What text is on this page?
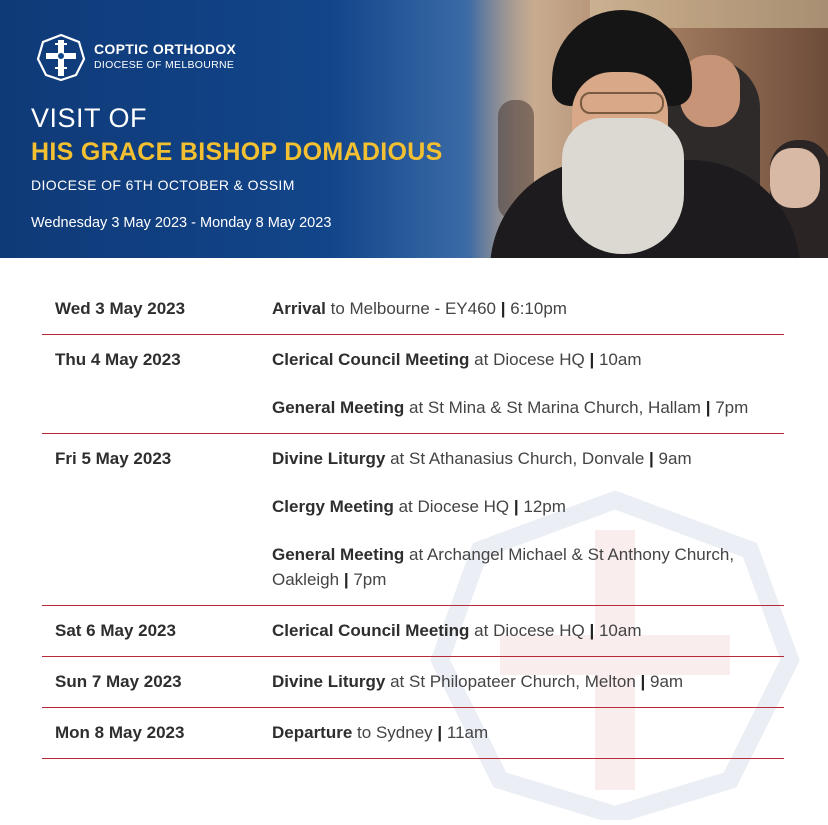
COPTIC ORTHODOX
DIOCESE OF MELBOURNE
VISIT OF
HIS GRACE BISHOP DOMADIOUS
DIOCESE OF 6TH OCTOBER & OSSIM
Wednesday 3 May 2023 - Monday 8 May 2023
Wed 3 May 2023	Arrival to Melbourne - EY460 | 6:10pm
Thu 4 May 2023	Clerical Council Meeting at Diocese HQ | 10am
General Meeting at St Mina & St Marina Church, Hallam | 7pm
Fri 5 May 2023	Divine Liturgy at St Athanasius Church, Donvale | 9am
Clergy Meeting at Diocese HQ | 12pm
General Meeting at Archangel Michael & St Anthony Church, Oakleigh | 7pm
Sat 6 May 2023	Clerical Council Meeting at Diocese HQ | 10am
Sun 7 May 2023	Divine Liturgy at St Philopateer Church, Melton | 9am
Mon 8 May 2023	Departure to Sydney | 11am
